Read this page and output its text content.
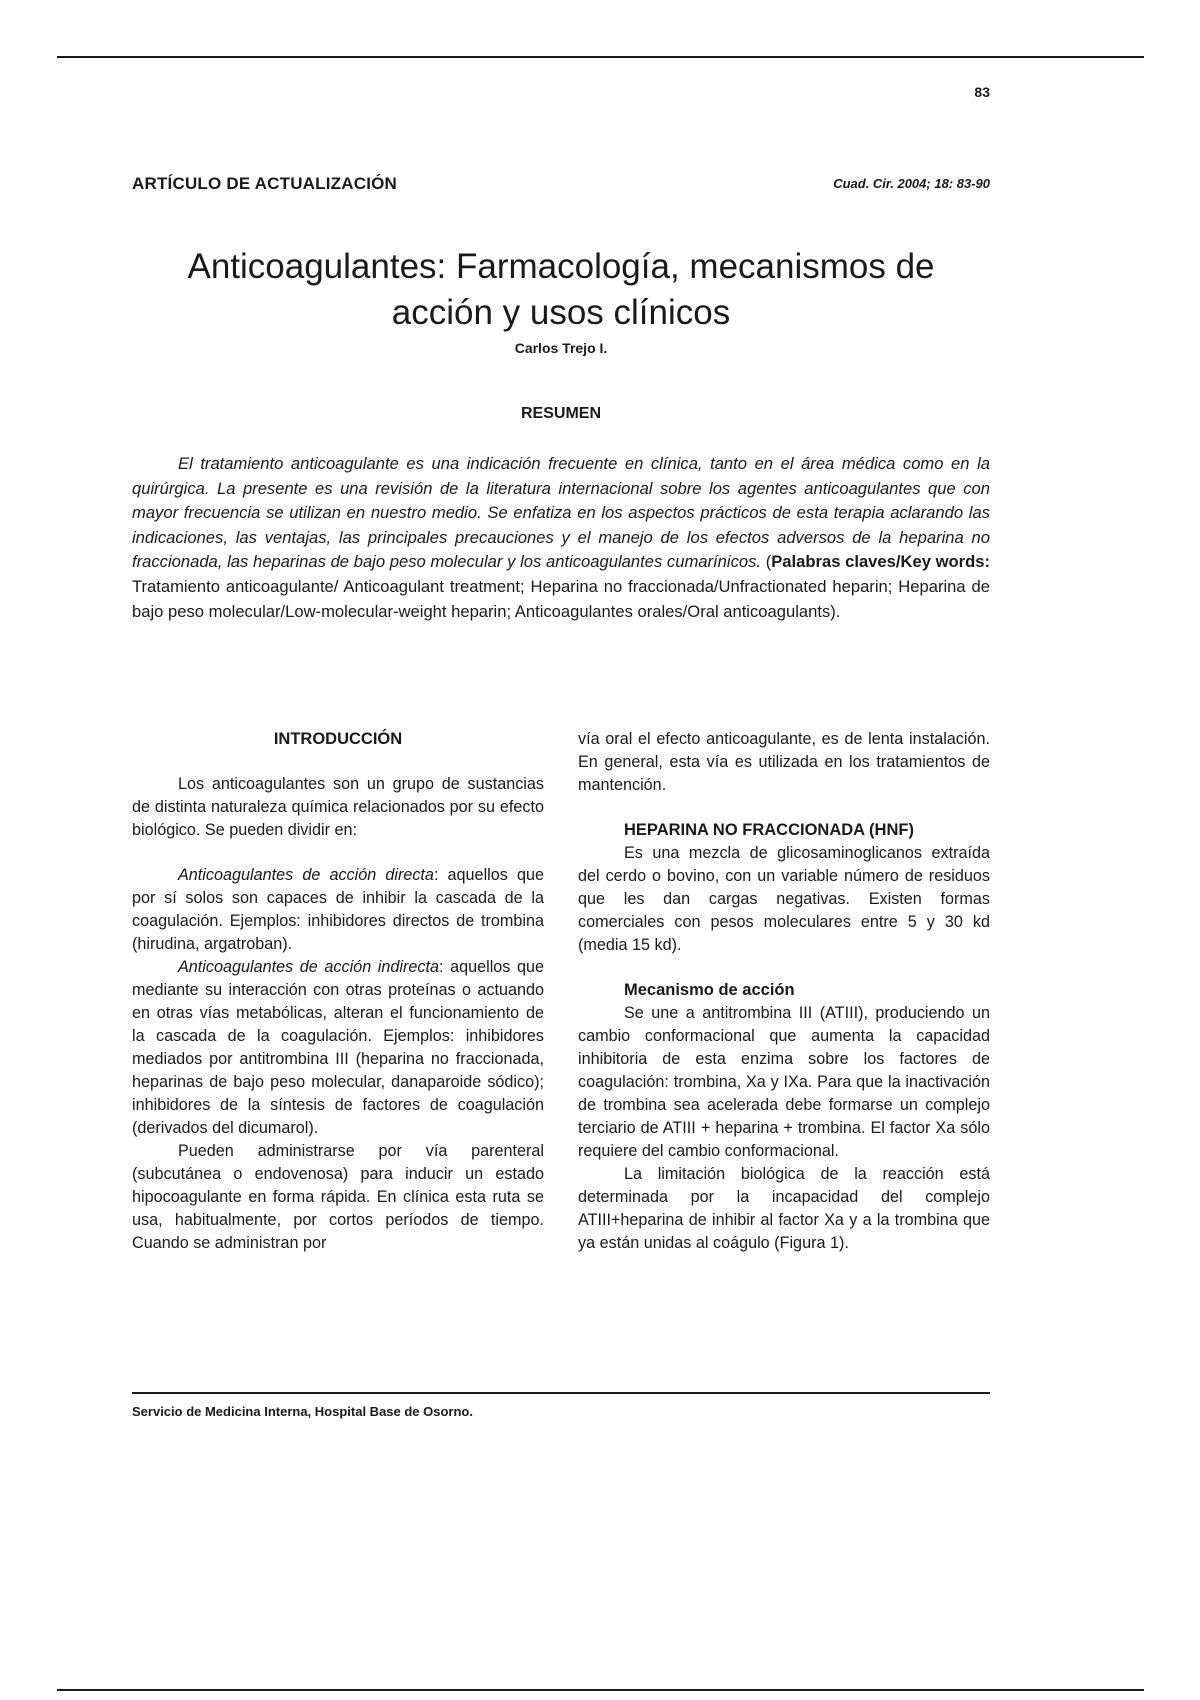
83
ARTÍCULO DE ACTUALIZACIÓN	Cuad. Cir. 2004; 18: 83-90
Anticoagulantes: Farmacología, mecanismos de
acción y usos clínicos
Carlos Trejo I.
RESUMEN

El tratamiento anticoagulante es una indicación frecuente en clínica, tanto en el área médica como en la quirúrgica. La presente es una revisión de la literatura internacional sobre los agentes anticoagulantes que con mayor frecuencia se utilizan en nuestro medio. Se enfatiza en los aspectos prácticos de esta terapia aclarando las indicaciones, las ventajas, las principales precauciones y el manejo de los efectos adversos de la heparina no fraccionada, las heparinas de bajo peso molecular y los anticoagulantes cumarínicos. (Palabras claves/Key words: Tratamiento anticoagulante/ Anticoagulant treatment; Heparina no fraccionada/Unfractionated heparin; Heparina de bajo peso molecular/Low-molecular-weight heparin; Anticoagulantes orales/Oral anticoagulants).

INTRODUCCIÓN

Los anticoagulantes son un grupo de sustancias de distinta naturaleza química relacionados por su efecto biológico. Se pueden dividir en:

Anticoagulantes de acción directa: aquellos que por sí solos son capaces de inhibir la cascada de la coagulación. Ejemplos: inhibidores directos de trombina (hirudina, argatroban).

Anticoagulantes de acción indirecta: aquellos que mediante su interacción con otras proteínas o actuando en otras vías metabólicas, alteran el funcionamiento de la cascada de la coagulación. Ejemplos: inhibidores mediados por antitrombina III (heparina no fraccionada, heparinas de bajo peso molecular, danaparoide sódico); inhibidores de la síntesis de factores de coagulación (derivados del dicumarol).

Pueden administrarse por vía parenteral (subcutánea o endovenosa) para inducir un estado hipocoagulante en forma rápida. En clínica esta ruta se usa, habitualmente, por cortos períodos de tiempo. Cuando se administran por

vía oral el efecto anticoagulante, es de lenta instalación. En general, esta vía es utilizada en los tratamientos de mantención.

HEPARINA NO FRACCIONADA (HNF)

Es una mezcla de glicosaminoglicanos extraída del cerdo o bovino, con un variable número de residuos que les dan cargas negativas. Existen formas comerciales con pesos moleculares entre 5 y 30 kd (media 15 kd).

Mecanismo de acción

Se une a antitrombina III (ATIII), produciendo un cambio conformacional que aumenta la capacidad inhibitoria de esta enzima sobre los factores de coagulación: trombina, Xa y IXa. Para que la inactivación de trombina sea acelerada debe formarse un complejo terciario de ATIII + heparina + trombina. El factor Xa sólo requiere del cambio conformacional.

La limitación biológica de la reacción está determinada por la incapacidad del complejo ATIII+heparina de inhibir al factor Xa y a la trombina que ya están unidas al coágulo (Figura 1).

Servicio de Medicina Interna, Hospital Base de Osorno.
